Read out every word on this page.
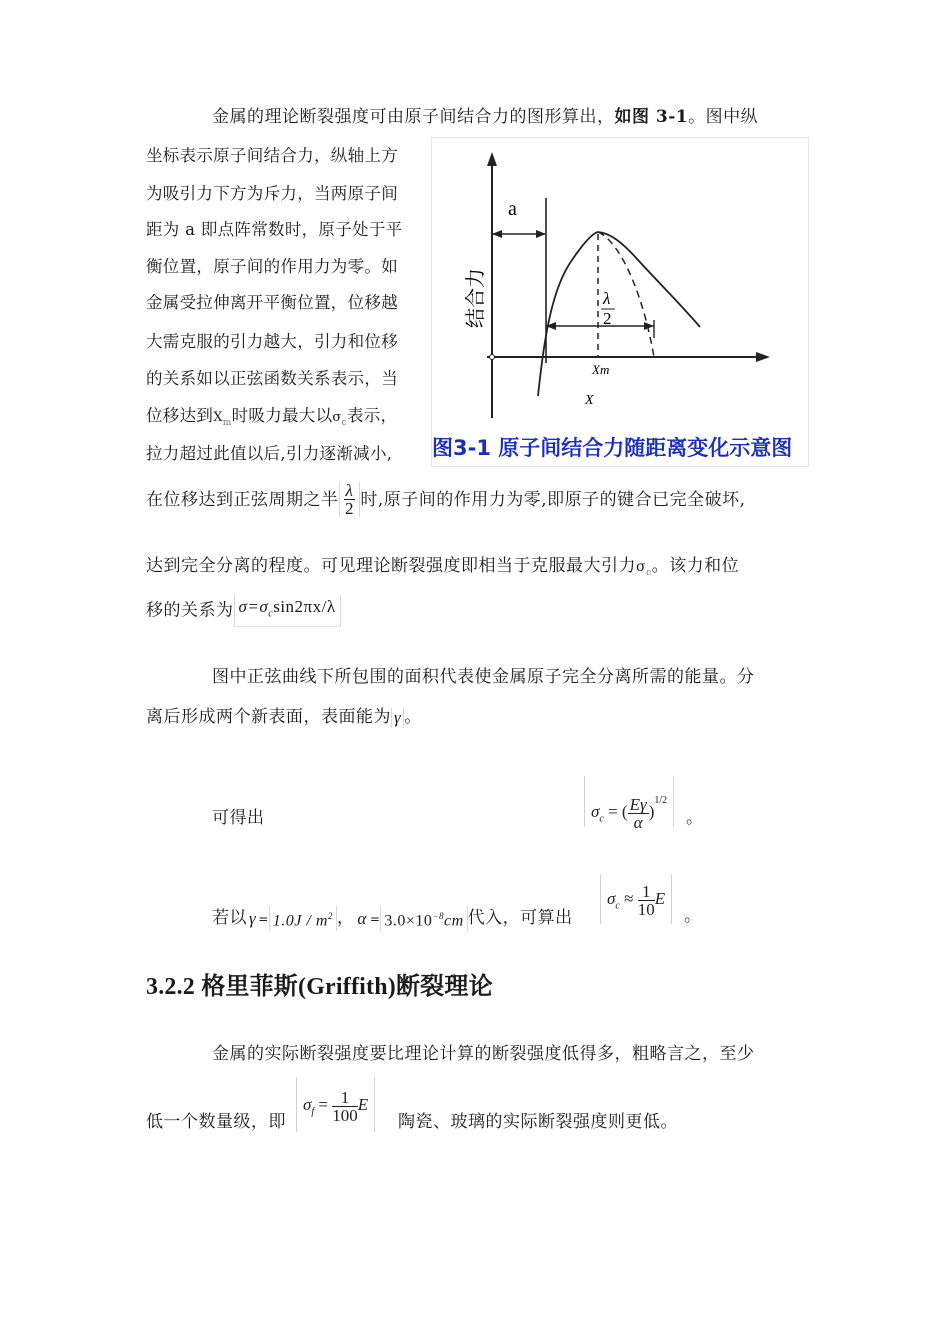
金属的理论断裂强度可由原子间结合力的图形算出，如图 3-1。图中纵
坐标表示原子间结合力，纵轴上方
为吸引力下方为斥力，当两原子间
距为 a 即点阵常数时，原子处于平
衡位置，原子间的作用力为零。如
金属受拉伸离开平衡位置，位移越
大需克服的引力越大，引力和位移
的关系如以正弦函数关系表示，当
位移达到$X_m$时吸力最大以$\sigma_c$表示，
拉力超过此值以后,引力逐渐减小,
a
λ
2
Xm
X
结合力
图3-1 原子间结合力随距离变化示意图
在位移达到正弦周期之半 $\frac{\lambda}{2}$ 时,原子间的作用力为零,即原子的键合已完全破坏,
达到完全分离的程度。可见理论断裂强度即相当于克服最大引力$\sigma_c$。该力和位
移的关系为 $\sigma=\sigma_c\sin 2\pi x/\lambda$
图中正弦曲线下所包围的面积代表使金属原子完全分离所需的能量。分
离后形成两个新表面，表面能为 γ 。
可得出	$\sigma_c$ = ( $\frac{E\gamma}{\alpha} )^{1/2}$
。
若以 $\gamma = 1.0J / m^2$ ， $\alpha = 3.0\times 10^{-8}cm$ 代入，可算出
$\sigma_c \approx \frac{1}{10}$ E
。
3.2.2 格里菲斯(Griffith)断裂理论
金属的实际断裂强度要比理论计算的断裂强度低得多，粗略言之，至少
低一个数量级，即
$\sigma_f = \frac{1}{100}$ E
陶瓷、玻璃的实际断裂强度则更低。
